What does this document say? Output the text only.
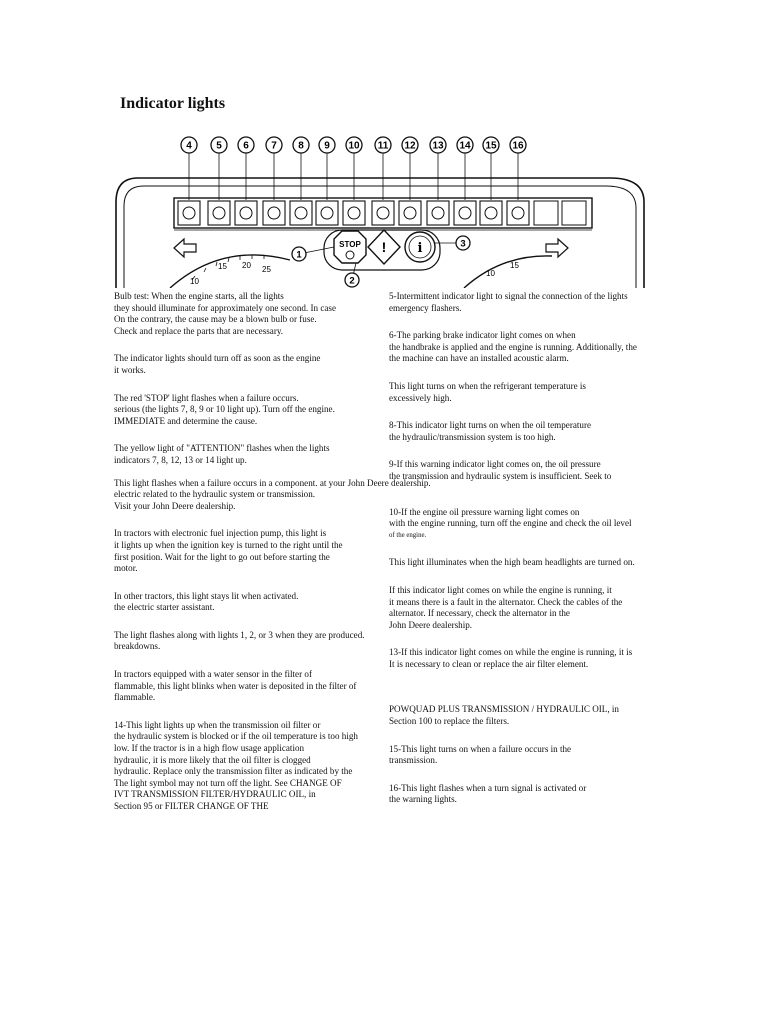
Indicator lights
10
15 20 25	10
15
STOP ! i
4 5 6 7 8 9 10 11 12 13 14 15 16
1
2
3

Bulb test: When the engine starts, all the lights
they should illuminate for approximately one second. In case
On the contrary, the cause may be a blown bulb or fuse.
Check and replace the parts that are necessary.

The indicator lights should turn off as soon as the engine
it works.

The red 'STOP' light flashes when a failure occurs.
serious (the lights 7, 8, 9 or 10 light up). Turn off the engine.
IMMEDIATE and determine the cause.

The yellow light of "ATTENTION" flashes when the lights
indicators 7, 8, 12, 13 or 14 light up.

This light flashes when a failure occurs in a component. at your John Deere dealership.
electric related to the hydraulic system or transmission.
Visit your John Deere dealership.

In tractors with electronic fuel injection pump, this light is
it lights up when the ignition key is turned to the right until the
first position. Wait for the light to go out before starting the
motor.

In other tractors, this light stays lit when activated.
the electric starter assistant.

The light flashes along with lights 1, 2, or 3 when they are produced.
breakdowns.

In tractors equipped with a water sensor in the filter of
flammable, this light blinks when water is deposited in the filter of
flammable.

14-This light lights up when the transmission oil filter or
the hydraulic system is blocked or if the oil temperature is too high
low. If the tractor is in a high flow usage application
hydraulic, it is more likely that the oil filter is clogged
hydraulic. Replace only the transmission filter as indicated by the
The light symbol may not turn off the light. See CHANGE OF
IVT TRANSMISSION FILTER/HYDRAULIC OIL, in
Section 95 or FILTER CHANGE OF THE

5-Intermittent indicator light to signal the connection of the lights
emergency flashers.

6-The parking brake indicator light comes on when
the handbrake is applied and the engine is running. Additionally, the
the machine can have an installed acoustic alarm.

This light turns on when the refrigerant temperature is
excessively high.

8-This indicator light turns on when the oil temperature
the hydraulic/transmission system is too high.

9-If this warning indicator light comes on, the oil pressure
the transmission and hydraulic system is insufficient. Seek to

10-If the engine oil pressure warning light comes on
with the engine running, turn off the engine and check the oil level
of the engine.

This light illuminates when the high beam headlights are turned on.

If this indicator light comes on while the engine is running, it
it means there is a fault in the alternator. Check the cables of the
alternator. If necessary, check the alternator in the
John Deere dealership.

13-If this indicator light comes on while the engine is running, it is
It is necessary to clean or replace the air filter element.

POWQUAD PLUS TRANSMISSION / HYDRAULIC OIL, in
Section 100 to replace the filters.

15-This light turns on when a failure occurs in the
transmission.

16-This light flashes when a turn signal is activated or
the warning lights.
